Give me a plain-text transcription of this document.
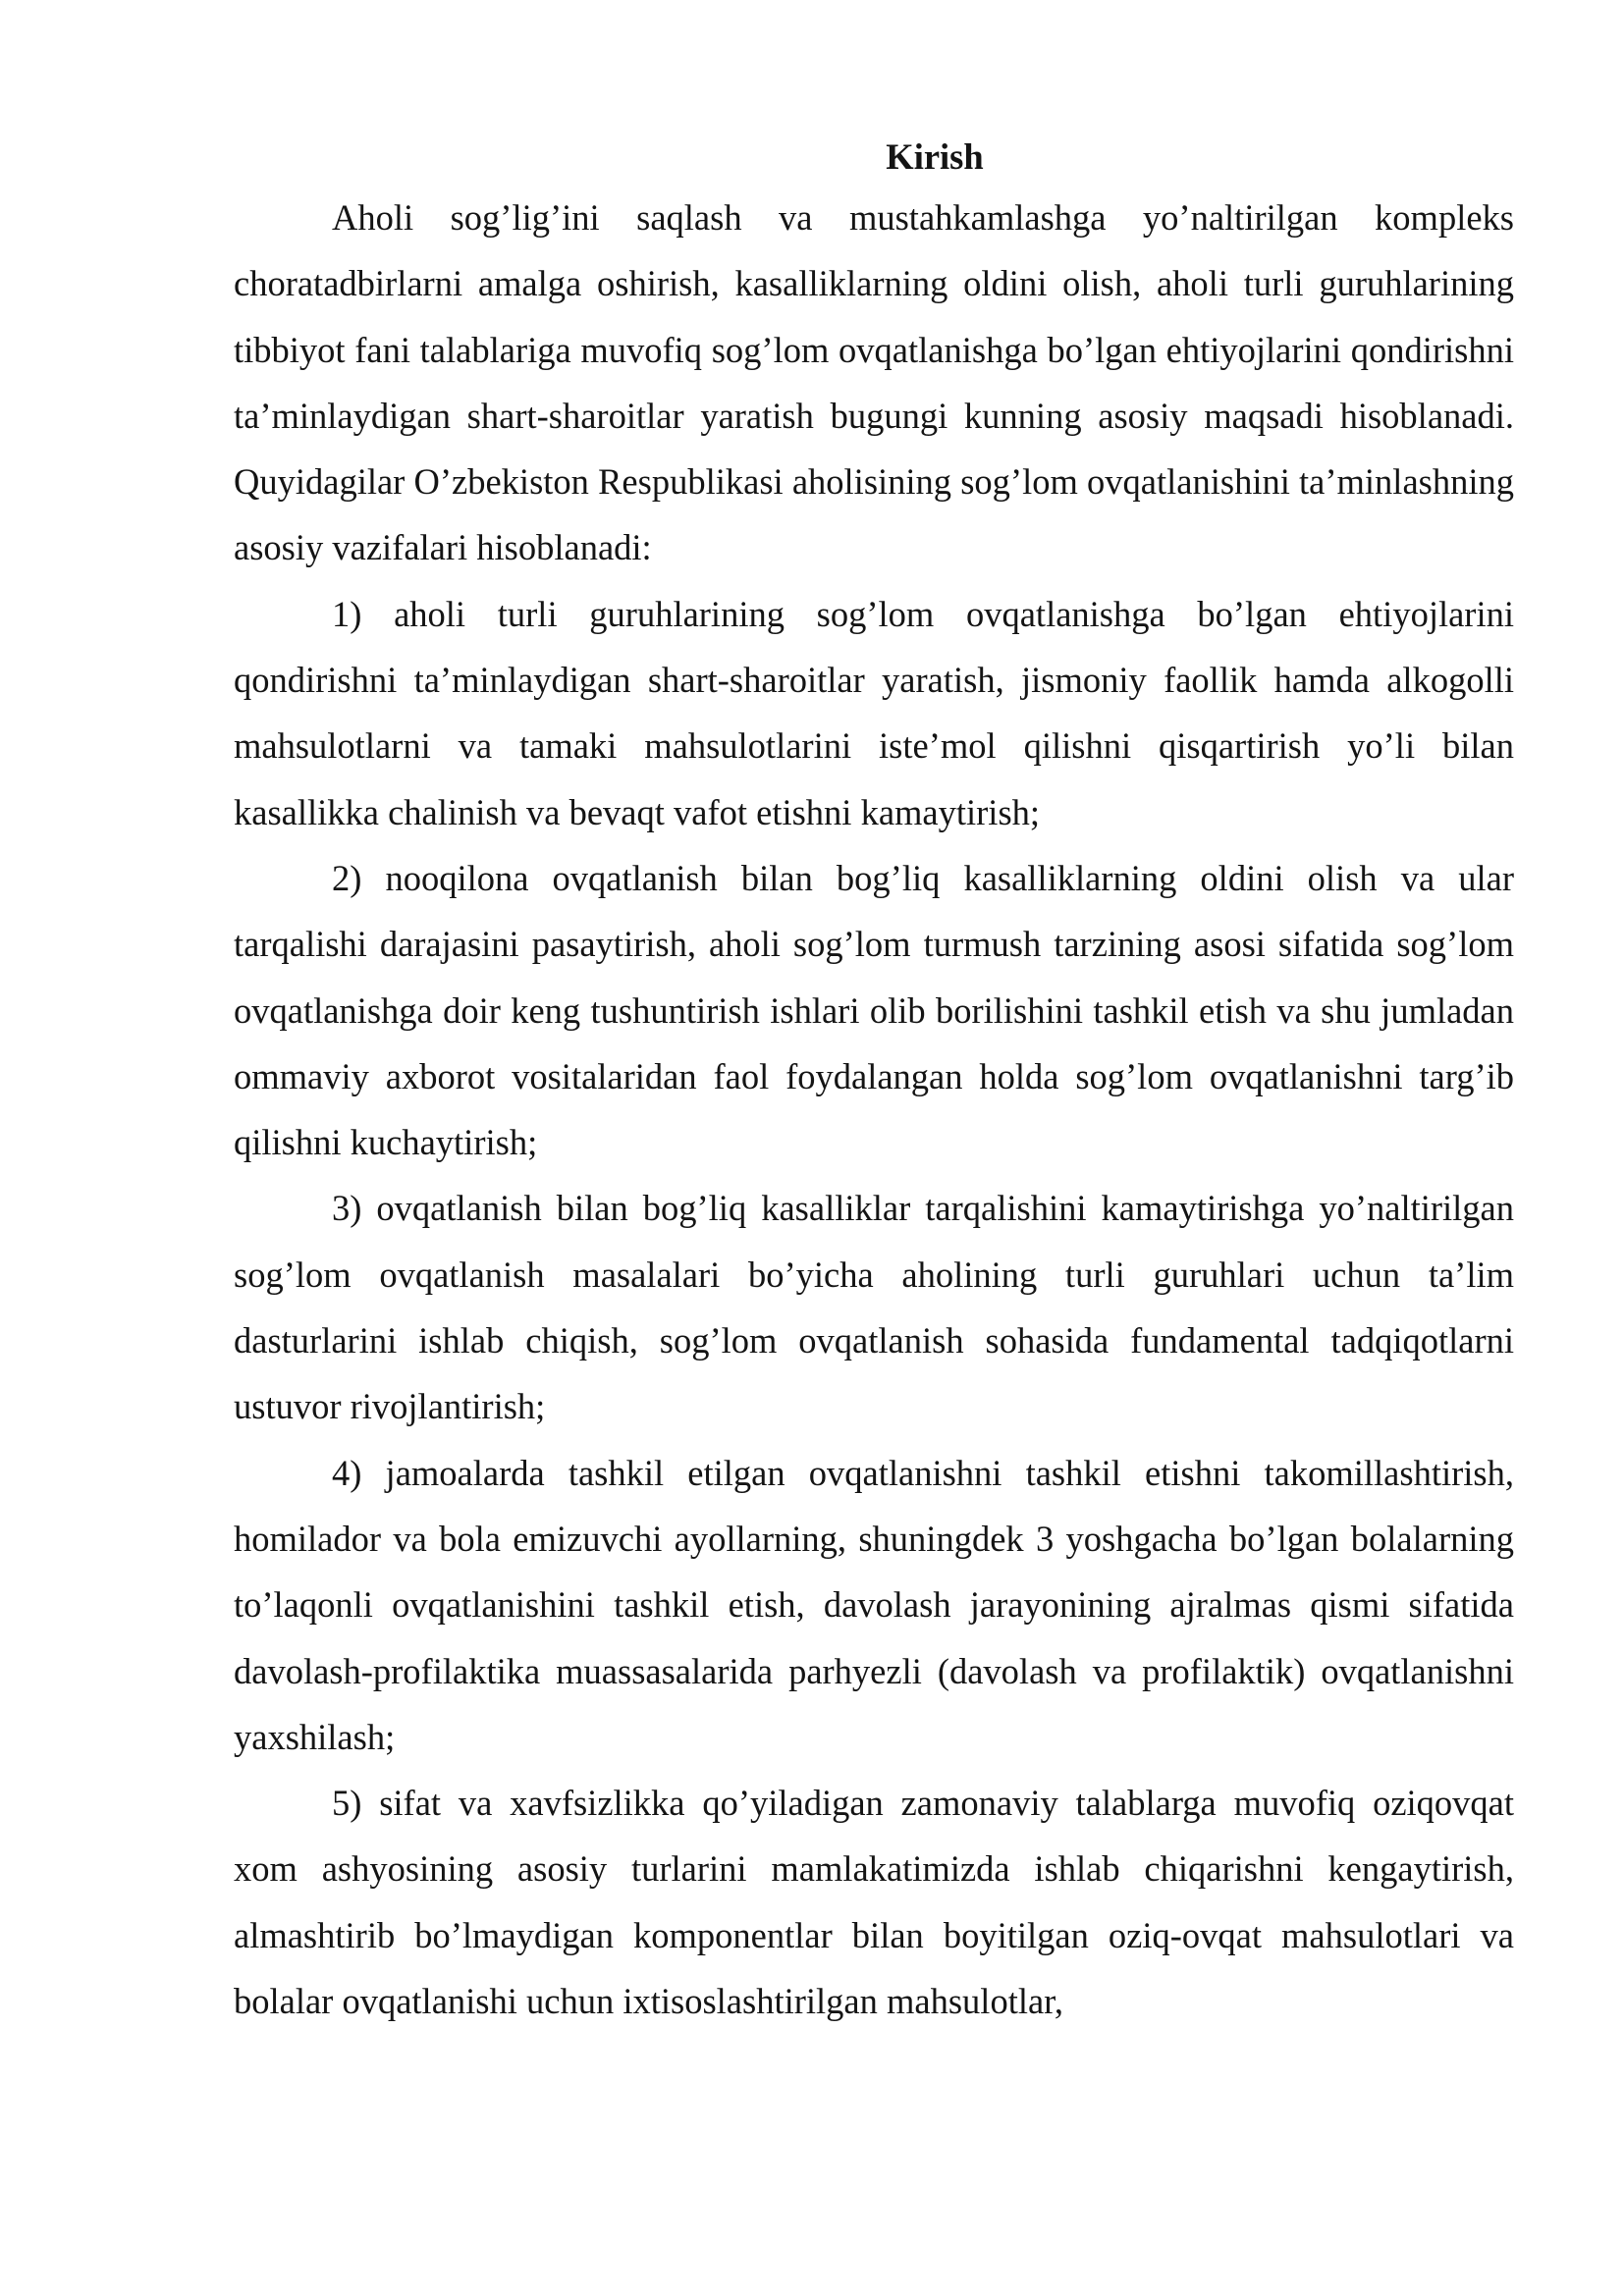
Kirish

Aholi sog’lig’ini saqlash va mustahkamlashga yo’naltirilgan kompleks choratadbirlarni amalga oshirish, kasalliklarning oldini olish, aholi turli guruhlarining tibbiyot fani talablariga muvofiq sog’lom ovqatlanishga bo’lgan ehtiyojlarini qondirishni ta’minlaydigan shart-sharoitlar yaratish bugungi kunning asosiy maqsadi hisoblanadi. Quyidagilar O’zbekiston Respublikasi aholisining sog’lom ovqatlanishini ta’minlashning asosiy vazifalari hisoblanadi:

1) aholi turli guruhlarining sog’lom ovqatlanishga bo’lgan ehtiyojlarini qondirishni ta’minlaydigan shart-sharoitlar yaratish, jismoniy faollik hamda alkogolli mahsulotlarni va tamaki mahsulotlarini iste’mol qilishni qisqartirish yo’li bilan kasallikka chalinish va bevaqt vafot etishni kamaytirish;

2) nooqilona ovqatlanish bilan bog’liq kasalliklarning oldini olish va ular tarqalishi darajasini pasaytirish, aholi sog’lom turmush tarzining asosi sifatida sog’lom ovqatlanishga doir keng tushuntirish ishlari olib borilishini tashkil etish va shu jumladan ommaviy axborot vositalaridan faol foydalangan holda sog’lom ovqatlanishni targ’ib qilishni kuchaytirish;

3) ovqatlanish bilan bog’liq kasalliklar tarqalishini kamaytirishga yo’naltirilgan sog’lom ovqatlanish masalalari bo’yicha aholining turli guruhlari uchun ta’lim dasturlarini ishlab chiqish, sog’lom ovqatlanish sohasida fundamental tadqiqotlarni ustuvor rivojlantirish;

4) jamoalarda tashkil etilgan ovqatlanishni tashkil etishni takomillashtirish, homilador va bola emizuvchi ayollarning, shuningdek 3 yoshgacha bo’lgan bolalarning to’laqonli ovqatlanishini tashkil etish, davolash jarayonining ajralmas qismi sifatida davolash-profilaktika muassasalarida parhyezli (davolash va profilaktik) ovqatlanishni yaxshilash;

5) sifat va xavfsizlikka qo’yiladigan zamonaviy talablarga muvofiq oziqovqat xom ashyosining asosiy turlarini mamlakatimizda ishlab chiqarishni kengaytirish, almashtirib bo’lmaydigan komponentlar bilan boyitilgan oziq-ovqat mahsulotlari va bolalar ovqatlanishi uchun ixtisoslashtirilgan mahsulotlar,
